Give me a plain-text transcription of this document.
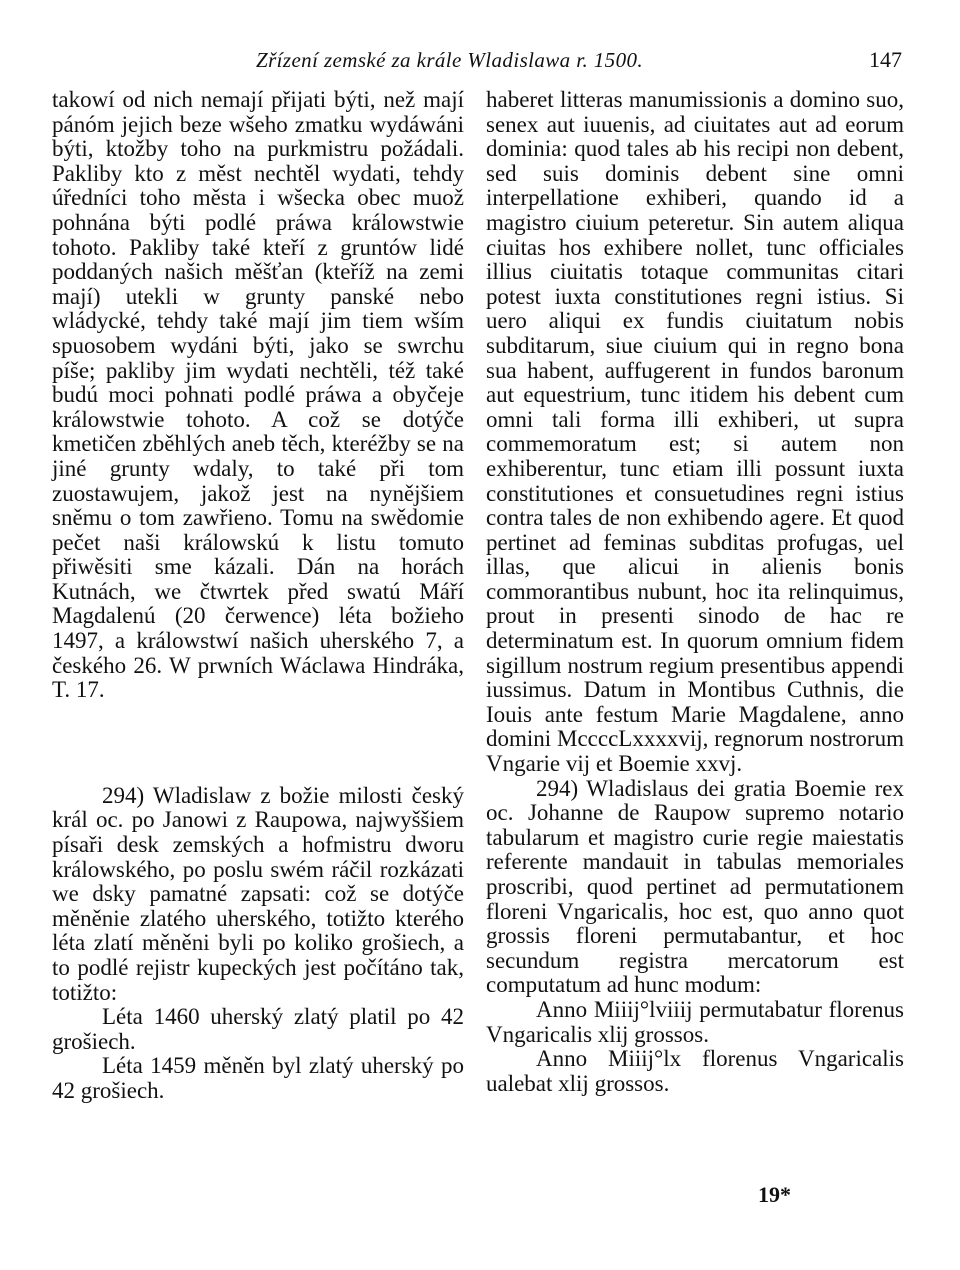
Zřízení zemské za krále Wladislawa r. 1500.	147

takowí od nich nemají přijati býti, než mají pánóm jejich beze wšeho zmatku wydáwáni býti, ktožby toho na purkmistru požádali. Pakliby kto z měst nechtěl wydati, tehdy úředníci toho města i wšecka obec muož pohnána býti podlé práwa králowstwie tohoto. Pakliby také kteří z gruntów lidé poddaných našich měšťan (kteříž na zemi mají) utekli w grunty panské nebo wládycké, tehdy také mají jim tiem wším spuosobem wydáni býti, jako se swrchu píše; pakliby jim wydati nechtěli, též také budú moci pohnati podlé práwa a obyčeje králowstwie tohoto. A což se dotýče kmetičen zběhlých aneb těch, kteréžby se na jiné grunty wdaly, to také při tom zuostawujem, jakož jest na nynějšiem sněmu o tom zawřieno. Tomu na swědomie pečet naši králowskú k listu tomuto přiwěsiti sme kázali. Dán na horách Kutnách, we čtwrtek před swatú Máří Magdalenú (20 čerwence) léta božieho 1497, a králowstwí našich uherského 7, a českého 26. W prwních Wáclawa Hindráka, T. 17.

294) Wladislaw z božie milosti český král oc. po Janowi z Raupowa, najwyššiem písaři desk zemských a hofmistru dworu králowského, po poslu swém ráčil rozkázati we dsky pamatné zapsati: což se dotýče měněnie zlatého uherského, totižto kterého léta zlatí měněni byli po koliko grošiech, a to podlé rejistr kupeckých jest počítáno tak, totižto:

Léta 1460 uherský zlatý platil po 42 grošiech.

Léta 1459 měněn byl zlatý uherský po 42 grošiech.

haberet litteras manumissionis a domino suo, senex aut iuuenis, ad ciuitates aut ad eorum dominia: quod tales ab his recipi non debent, sed suis dominis debent sine omni interpellatione exhiberi, quando id a magistro ciuium peteretur. Sin autem aliqua ciuitas hos exhibere nollet, tunc officiales illius ciuitatis totaque communitas citari potest iuxta constitutiones regni istius. Si uero aliqui ex fundis ciuitatum nobis subditarum, siue ciuium qui in regno bona sua habent, auffugerent in fundos baronum aut equestrium, tunc itidem his debent cum omni tali forma illi exhiberi, ut supra commemoratum est; si autem non exhiberentur, tunc etiam illi possunt iuxta constitutiones et consuetudines regni istius contra tales de non exhibendo agere. Et quod pertinet ad feminas subditas profugas, uel illas, que alicui in alienis bonis commorantibus nubunt, hoc ita relinquimus, prout in presenti sinodo de hac re determinatum est. In quorum omnium fidem sigillum nostrum regium presentibus appendi iussimus. Datum in Montibus Cuthnis, die Iouis ante festum Marie Magdalene, anno domini MccccLxxxxvij, regnorum nostrorum Vngarie vij et Boemie xxvj.

294) Wladislaus dei gratia Boemie rex oc. Johanne de Raupow supremo notario tabularum et magistro curie regie maiestatis referente mandauit in tabulas memoriales proscribi, quod pertinet ad permutationem floreni Vngaricalis, hoc est, quo anno quot grossis floreni permutabantur, et hoc secundum registra mercatorum est computatum ad hunc modum:

Anno Miiij°lviiij permutabatur florenus Vngaricalis xlij grossos.

Anno Miiij°lx florenus Vngaricalis ualebat xlij grossos.

19*
